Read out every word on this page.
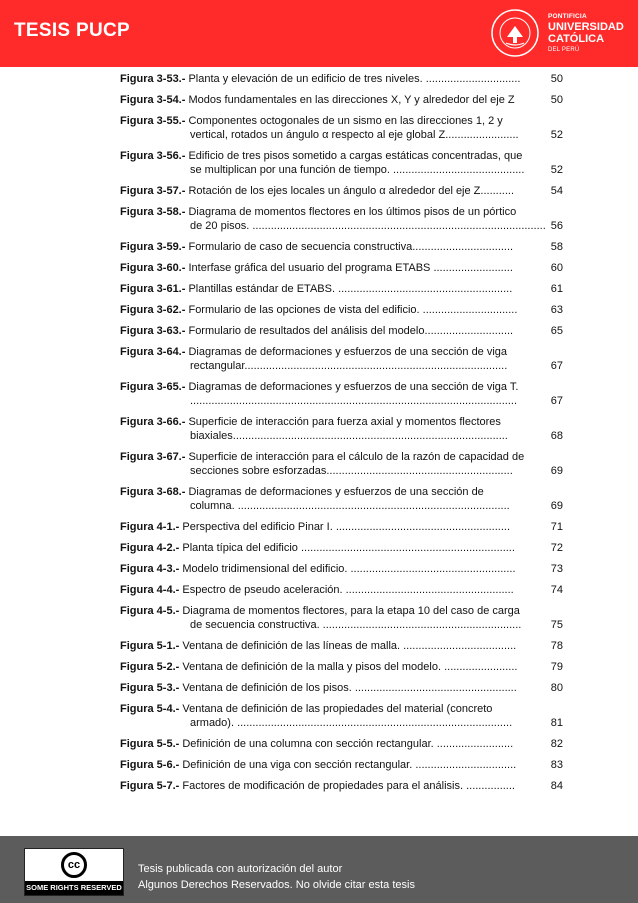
TESIS PUCP
PONTIFICIA
UNIVERSIDAD
CATÓLICA
DEL PERÚ
Figura 3-53.- Planta y elevación de un edificio de tres niveles. ...............................	50
Figura 3-54.- Modos fundamentales en las direcciones X, Y y alrededor del eje Z	50
Figura 3-55.- Componentes octogonales de un sismo en las direcciones 1, 2 y
vertical, rotados un ángulo α respecto al eje global Z........................	52
Figura 3-56.- Edificio de tres pisos sometido a cargas estáticas concentradas, que
se multiplican por una función de tiempo. ........................................... 52
Figura 3-57.- Rotación de los ejes locales un ángulo α alrededor del eje Z...........	54
Figura 3-58.- Diagrama de momentos flectores en los últimos pisos de un pórtico
de 20 pisos. ................................................................................................ 56
Figura 3-59.- Formulario de caso de secuencia constructiva.................................	58
Figura 3-60.- Interfase gráfica del usuario del programa ETABS ..........................	60
Figura 3-61.- Plantillas estándar de ETABS. .........................................................	61
Figura 3-62.- Formulario de las opciones de vista del edificio. ...............................	63
Figura 3-63.- Formulario de resultados del análisis del modelo.............................	65
Figura 3-64.- Diagramas de deformaciones y esfuerzos de una sección de viga
rectangular......................................................................................	67
Figura 3-65.- Diagramas de deformaciones y esfuerzos de una sección de viga T.
...........................................................................................................	67
Figura 3-66.- Superficie de interacción para fuerza axial y momentos flectores
biaxiales..........................................................................................	68
Figura 3-67.- Superficie de interacción para el cálculo de la razón de capacidad de
secciones sobre esforzadas.............................................................	69
Figura 3-68.- Diagramas de deformaciones y esfuerzos de una sección de
columna. .........................................................................................	69
Figura 4-1.- Perspectiva del edificio Pinar I. .........................................................	71
Figura 4-2.- Planta típica del edificio ......................................................................	72
Figura 4-3.- Modelo tridimensional del edificio. ......................................................	73
Figura 4-4.- Espectro de pseudo aceleración. .......................................................	74
Figura 4-5.- Diagrama de momentos flectores, para la etapa 10 del caso de carga
de secuencia constructiva. .................................................................	75
Figura 5-1.- Ventana de definición de las líneas de malla. .....................................	78
Figura 5-2.- Ventana de definición de la malla y pisos del modelo. ........................	79
Figura 5-3.- Ventana de definición de los pisos. .....................................................	80
Figura 5-4.- Ventana de definición de las propiedades del material (concreto
armado). ..........................................................................................	81
Figura 5-5.- Definición de una columna con sección rectangular. .........................	82
Figura 5-6.- Definición de una viga con sección rectangular. .................................	83
Figura 5-7.- Factores de modificación de propiedades para el análisis. ................	84
cc
SOME RIGHTS RESERVED
Tesis publicada con autorización del autor
Algunos Derechos Reservados. No olvide citar esta tesis
